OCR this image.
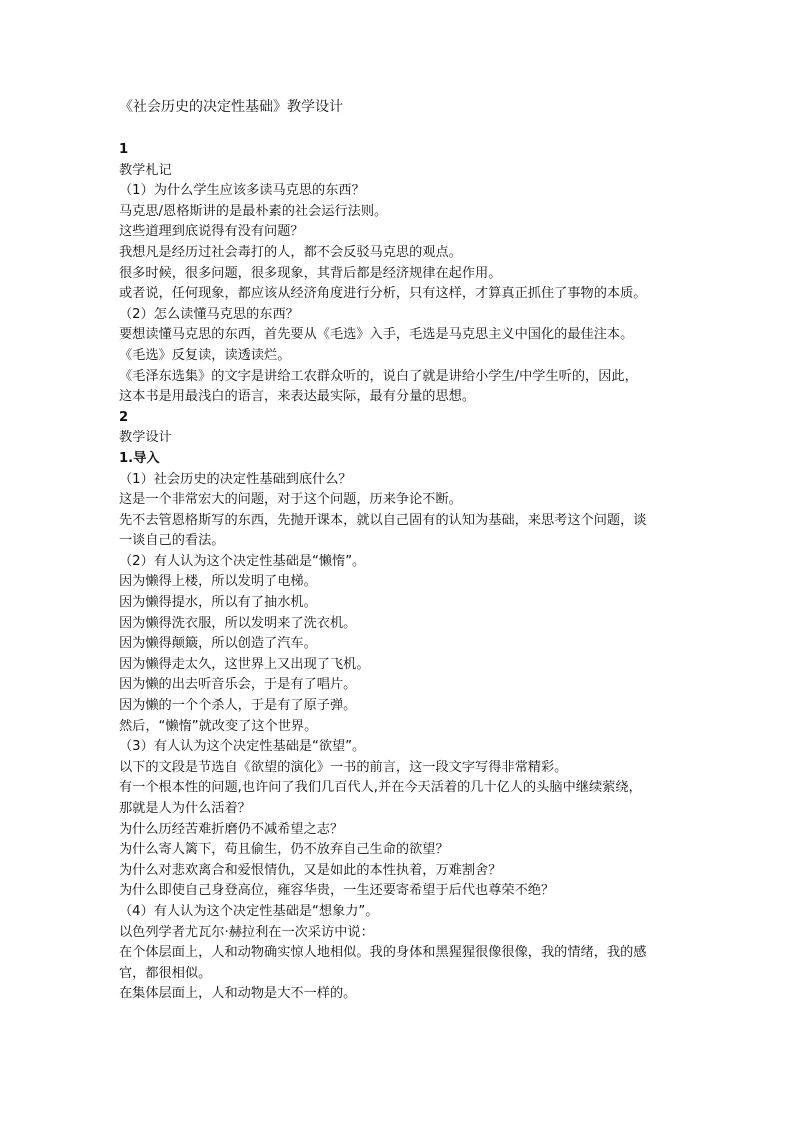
《社会历史的决定性基础》教学设计
1
教学札记
（1）为什么学生应该多读马克思的东西？
马克思/恩格斯讲的是最朴素的社会运行法则。
这些道理到底说得有没有问题？
我想凡是经历过社会毒打的人，都不会反驳马克思的观点。
很多时候，很多问题，很多现象，其背后都是经济规律在起作用。
或者说，任何现象，都应该从经济角度进行分析，只有这样，才算真正抓住了事物的本质。
（2）怎么读懂马克思的东西？
要想读懂马克思的东西，首先要从《毛选》入手，毛选是马克思主义中国化的最佳注本。
《毛选》反复读，读透读烂。
《毛泽东选集》的文字是讲给工农群众听的，说白了就是讲给小学生/中学生听的，因此，
这本书是用最浅白的语言，来表达最实际，最有分量的思想。
2
教学设计
1.导入
（1）社会历史的决定性基础到底什么？
这是一个非常宏大的问题，对于这个问题，历来争论不断。
先不去管恩格斯写的东西，先抛开课本，就以自己固有的认知为基础，来思考这个问题，谈
一谈自己的看法。
（2）有人认为这个决定性基础是“懒惰”。
因为懒得上楼，所以发明了电梯。
因为懒得提水，所以有了抽水机。
因为懒得洗衣服，所以发明来了洗衣机。
因为懒得颠簸，所以创造了汽车。
因为懒得走太久，这世界上又出现了飞机。
因为懒的出去听音乐会，于是有了唱片。
因为懒的一个个杀人，于是有了原子弹。
然后，“懒惰”就改变了这个世界。
（3）有人认为这个决定性基础是“欲望”。
以下的文段是节选自《欲望的演化》一书的前言，这一段文字写得非常精彩。
有一个根本性的问题,也许问了我们几百代人,并在今天活着的几十亿人的头脑中继续萦绕，
那就是人为什么活着？
为什么历经苦难折磨仍不减希望之志？
为什么寄人篱下，苟且偷生，仍不放弃自己生命的欲望？
为什么对悲欢离合和爱恨情仇，又是如此的本性执着，万难割舍？
为什么即使自己身登高位，雍容华贵，一生还要寄希望于后代也尊荣不绝？
（4）有人认为这个决定性基础是“想象力”。
以色列学者尤瓦尔·赫拉利在一次采访中说：
在个体层面上，人和动物确实惊人地相似。我的身体和黑猩猩很像很像，我的情绪，我的感
官，都很相似。
在集体层面上，人和动物是大不一样的。
